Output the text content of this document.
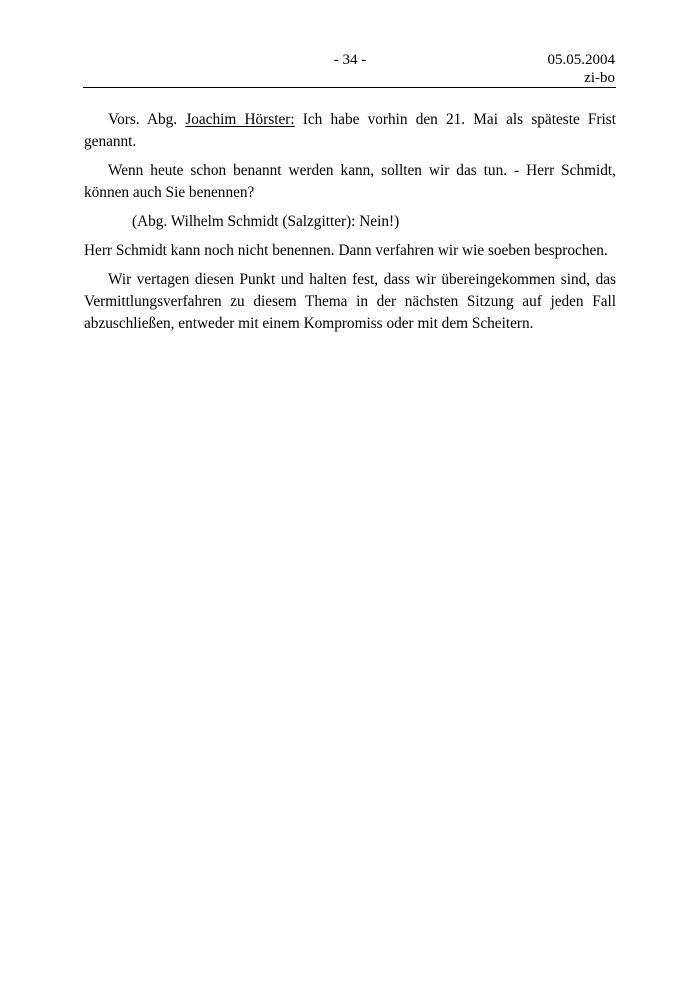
- 34 -	05.05.2004
zi-bo

Vors. Abg. Joachim Hörster: Ich habe vorhin den 21. Mai als späteste Frist genannt.

Wenn heute schon benannt werden kann, sollten wir das tun. - Herr Schmidt, können auch Sie benennen?

(Abg. Wilhelm Schmidt (Salzgitter): Nein!)

Herr Schmidt kann noch nicht benennen. Dann verfahren wir wie soeben besprochen.

Wir vertagen diesen Punkt und halten fest, dass wir übereingekommen sind, das Vermittlungsverfahren zu diesem Thema in der nächsten Sitzung auf jeden Fall abzuschließen, entweder mit einem Kompromiss oder mit dem Scheitern.
